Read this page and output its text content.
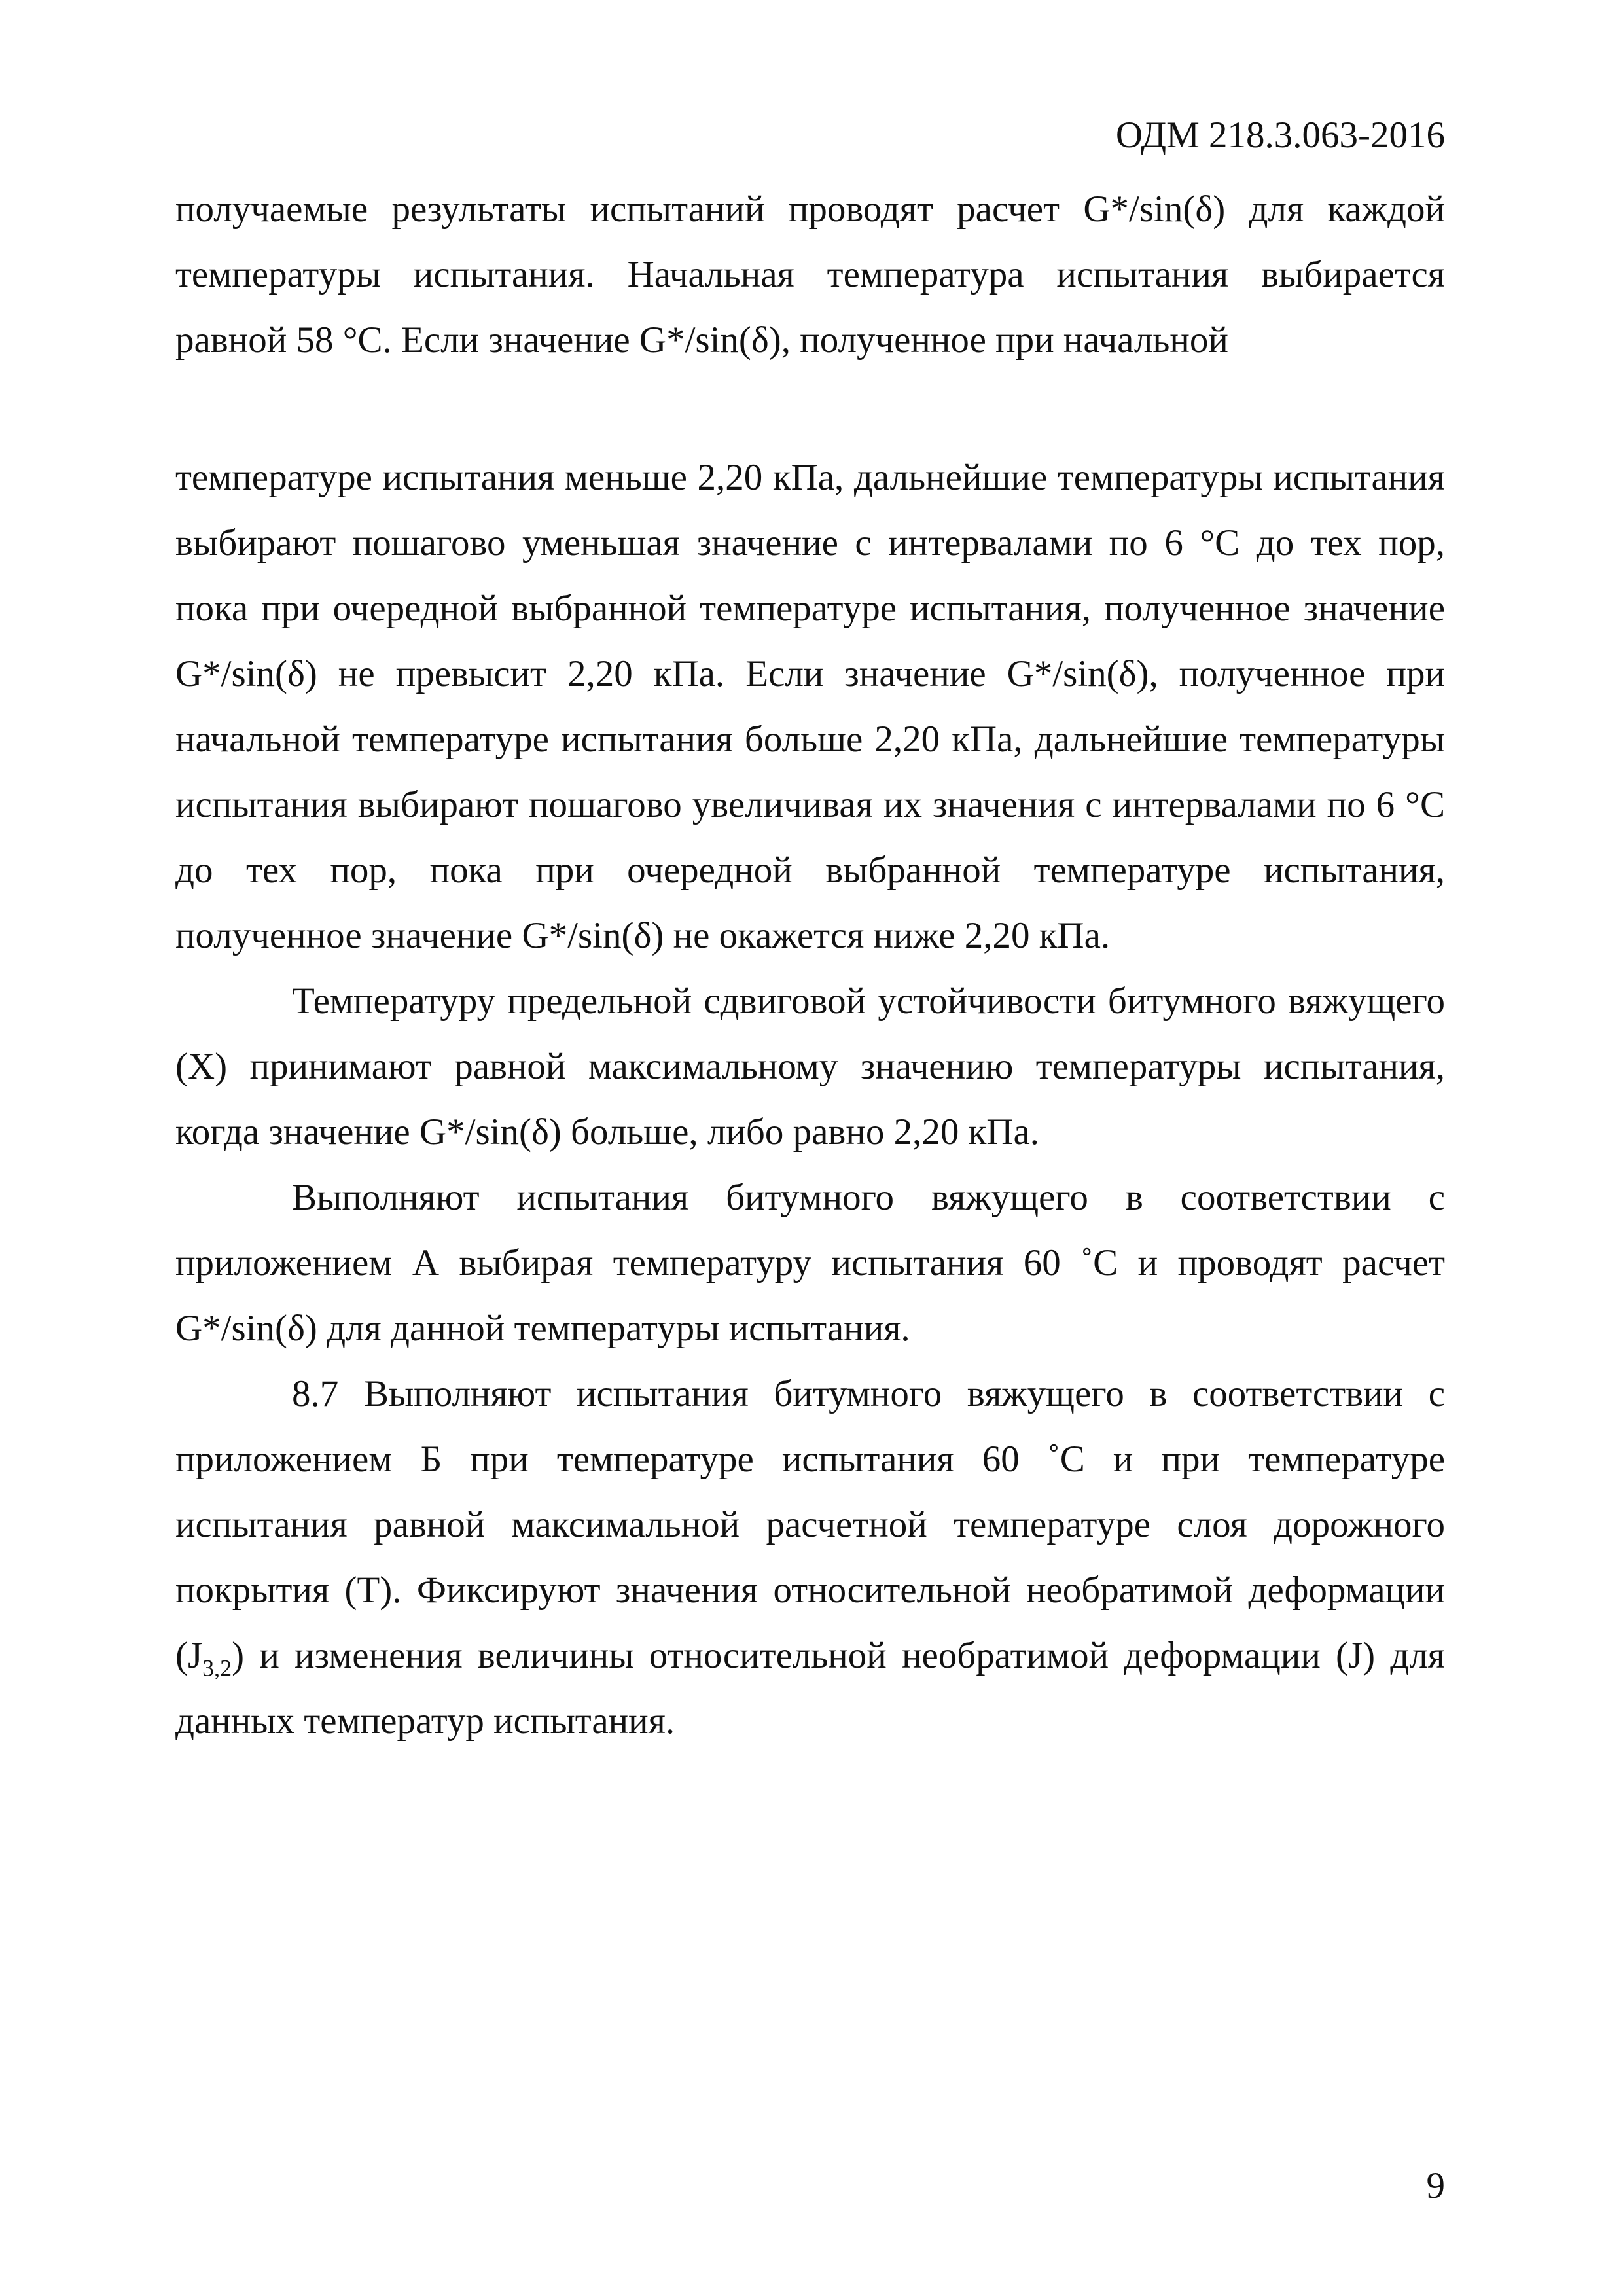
ОДМ 218.3.063-2016

получаемые результаты испытаний проводят расчет G*/sin(δ) для каждой температуры испытания. Начальная температура испытания выбирается равной 58 °С. Если значение G*/sin(δ), полученное при начальной

температуре испытания меньше 2,20 кПа, дальнейшие температуры испытания выбирают пошагово уменьшая значение с интервалами по 6 °С до тех пор, пока при очередной выбранной температуре испытания, полученное значение G*/sin(δ) не превысит 2,20 кПа. Если значение G*/sin(δ), полученное при начальной температуре испытания больше 2,20 кПа, дальнейшие температуры испытания выбирают пошагово увеличивая их значения с интервалами по 6 °С до тех пор, пока при очередной выбранной температуре испытания, полученное значение G*/sin(δ) не окажется ниже 2,20 кПа.

Температуру предельной сдвиговой устойчивости битумного вяжущего (Х) принимают равной максимальному значению температуры испытания, когда значение G*/sin(δ) больше, либо равно 2,20 кПа.

Выполняют испытания битумного вяжущего в соответствии с приложением А выбирая температуру испытания 60 ˚С и проводят расчет G*/sin(δ) для данной температуры испытания.

8.7 Выполняют испытания битумного вяжущего в соответствии с приложением Б при температуре испытания 60 ˚С и при температуре испытания равной максимальной расчетной температуре слоя дорожного покрытия (Т). Фиксируют значения относительной необратимой деформации $(J_{3,2})$ и изменения величины относительной необратимой деформации (J) для данных температур испытания.

9
